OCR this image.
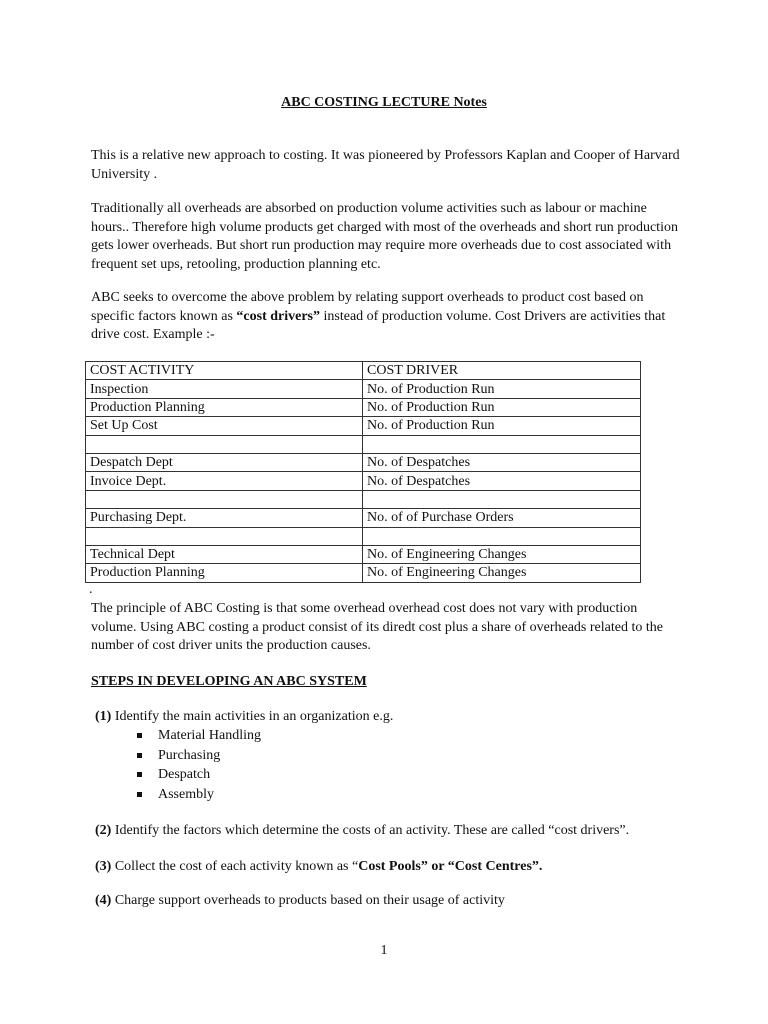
ABC COSTING LECTURE Notes

This is a relative new approach to costing. It was pioneered by Professors Kaplan and Cooper of Harvard University .

Traditionally all overheads are absorbed on production volume activities such as labour or machine hours.. Therefore high volume products get charged with most of the overheads and short run production gets lower overheads. But short run production may require more overheads due to cost associated with frequent set ups, retooling, production planning etc.

ABC seeks to overcome the above problem by relating support overheads to product cost based on specific factors known as “cost drivers” instead of production volume. Cost Drivers are activities that drive cost. Example :-

COST ACTIVITY	COST DRIVER
Inspection	No. of Production Run
Production Planning	No. of Production Run
Set Up Cost	No. of Production Run

Despatch Dept	No. of Despatches
Invoice Dept.	No. of Despatches

Purchasing Dept.	No. of of Purchase Orders

Technical Dept	No. of Engineering Changes
Production Planning	No. of Engineering Changes
.

The principle of ABC Costing is that some overhead overhead cost does not vary with production volume. Using ABC costing a product consist of its diredt cost plus a share of overheads related to the number of cost driver units the production causes.

STEPS IN DEVELOPING AN ABC SYSTEM

(1) Identify the main activities in an organization e.g.

Material Handling
Purchasing
Despatch
Assembly

(2) Identify the factors which determine the costs of an activity. These are called “cost drivers”.

(3) Collect the cost of each activity known as “Cost Pools” or “Cost Centres”.

(4) Charge support overheads to products based on their usage of activity

1
